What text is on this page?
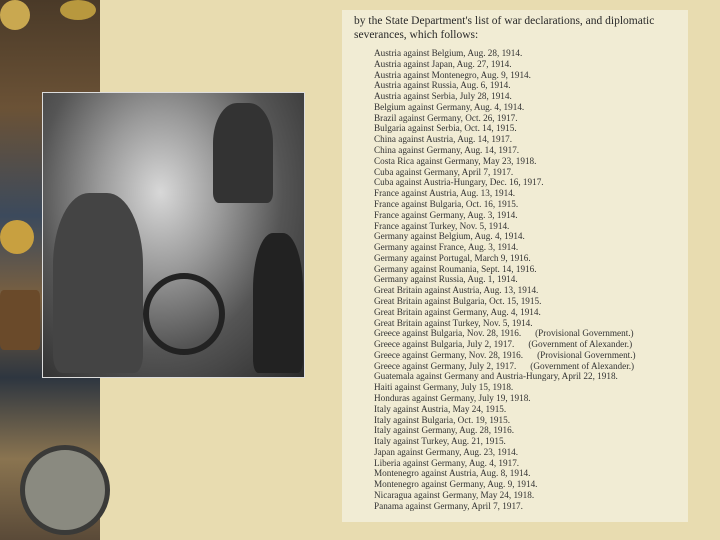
by the State Department's list of war declarations, and diplomatic severances, which follows:
Austria against Belgium, Aug. 28, 1914.
Austria against Japan, Aug. 27, 1914.
Austria against Montenegro, Aug. 9, 1914.
Austria against Russia, Aug. 6, 1914.
Austria against Serbia, July 28, 1914.
Belgium against Germany, Aug. 4, 1914.
Brazil against Germany, Oct. 26, 1917.
Bulgaria against Serbia, Oct. 14, 1915.
China against Austria, Aug. 14, 1917.
China against Germany, Aug. 14, 1917.
Costa Rica against Germany, May 23, 1918.
Cuba against Germany, April 7, 1917.
Cuba against Austria-Hungary, Dec. 16, 1917.
France against Austria, Aug. 13, 1914.
France against Bulgaria, Oct. 16, 1915.
France against Germany, Aug. 3, 1914.
France against Turkey, Nov. 5, 1914.
Germany against Belgium, Aug. 4, 1914.
Germany against France, Aug. 3, 1914.
Germany against Portugal, March 9, 1916.
Germany against Roumania, Sept. 14, 1916.
Germany against Russia, Aug. 1, 1914.
Great Britain against Austria, Aug. 13, 1914.
Great Britain against Bulgaria, Oct. 15, 1915.
Great Britain against Germany, Aug. 4, 1914.
Great Britain against Turkey, Nov. 5, 1914.
Greece against Bulgaria, Nov. 28, 1916. (Provisional Government.)
Greece against Bulgaria, July 2, 1917. (Government of Alexander.)
Greece against Germany, Nov. 28, 1916. (Provisional Government.)
Greece against Germany, July 2, 1917. (Government of Alexander.)
Guatemala against Germany and Austria-Hungary, April 22, 1918.
Haiti against Germany, July 15, 1918.
Honduras against Germany, July 19, 1918.
Italy against Austria, May 24, 1915.
Italy against Bulgaria, Oct. 19, 1915.
Italy against Germany, Aug. 28, 1916.
Italy against Turkey, Aug. 21, 1915.
Japan against Germany, Aug. 23, 1914.
Liberia against Germany, Aug. 4, 1917.
Montenegro against Austria, Aug. 8, 1914.
Montenegro against Germany, Aug. 9, 1914.
Nicaragua against Germany, May 24, 1918.
Panama against Germany, April 7, 1917.
